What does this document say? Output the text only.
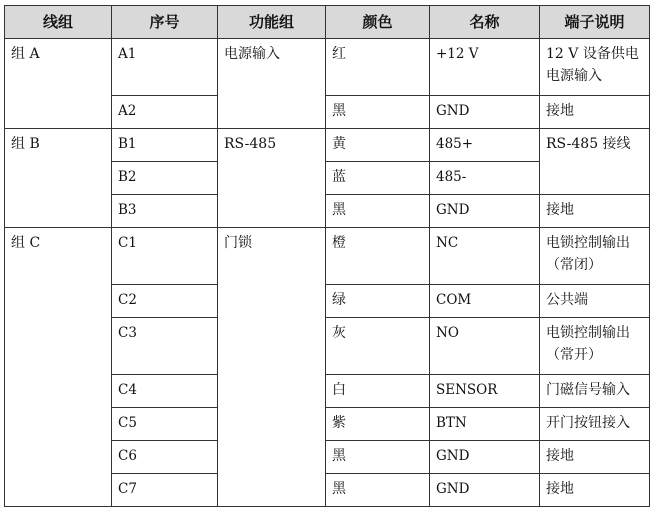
线组	序号	功能组	颜色	名称	端子说明
组 A	A1	电源输入	红	+12 V	12 V 设备供电电源输入
	A2		黑	GND	接地
组 B	B1	RS-485	黄	485+	RS-485 接线
	B2		蓝	485-	
	B3		黑	GND	接地
组 C	C1	门锁	橙	NC	电锁控制输出（常闭）
	C2		绿	COM	公共端
	C3		灰	NO	电锁控制输出（常开）
	C4		白	SENSOR	门磁信号输入
	C5		紫	BTN	开门按钮接入
	C6		黑	GND	接地
	C7		黑	GND	接地
